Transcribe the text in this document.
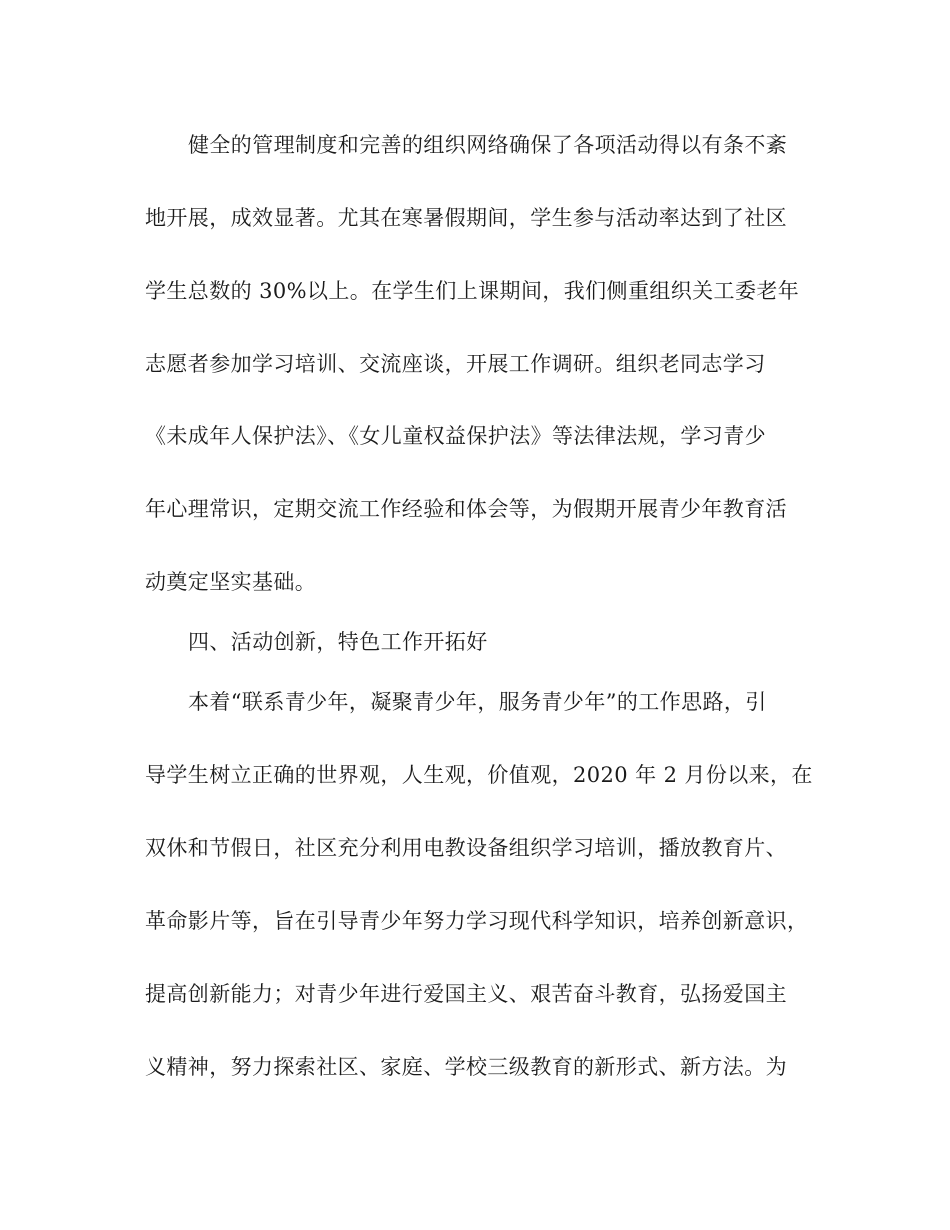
健全的管理制度和完善的组织网络确保了各项活动得以有条不紊
地开展，成效显著。尤其在寒暑假期间，学生参与活动率达到了社区
学生总数的 30%以上。在学生们上课期间，我们侧重组织关工委老年
志愿者参加学习培训、交流座谈，开展工作调研。组织老同志学习
《未成年人保护法》、《女儿童权益保护法》等法律法规，学习青少
年心理常识，定期交流工作经验和体会等，为假期开展青少年教育活
动奠定坚实基础。
四、活动创新，特色工作开拓好
本着“联系青少年，凝聚青少年，服务青少年”的工作思路，引
导学生树立正确的世界观，人生观，价值观，2020 年 2 月份以来，在
双休和节假日，社区充分利用电教设备组织学习培训，播放教育片、
革命影片等，旨在引导青少年努力学习现代科学知识，培养创新意识，
提高创新能力；对青少年进行爱国主义、艰苦奋斗教育，弘扬爱国主
义精神，努力探索社区、家庭、学校三级教育的新形式、新方法。为
